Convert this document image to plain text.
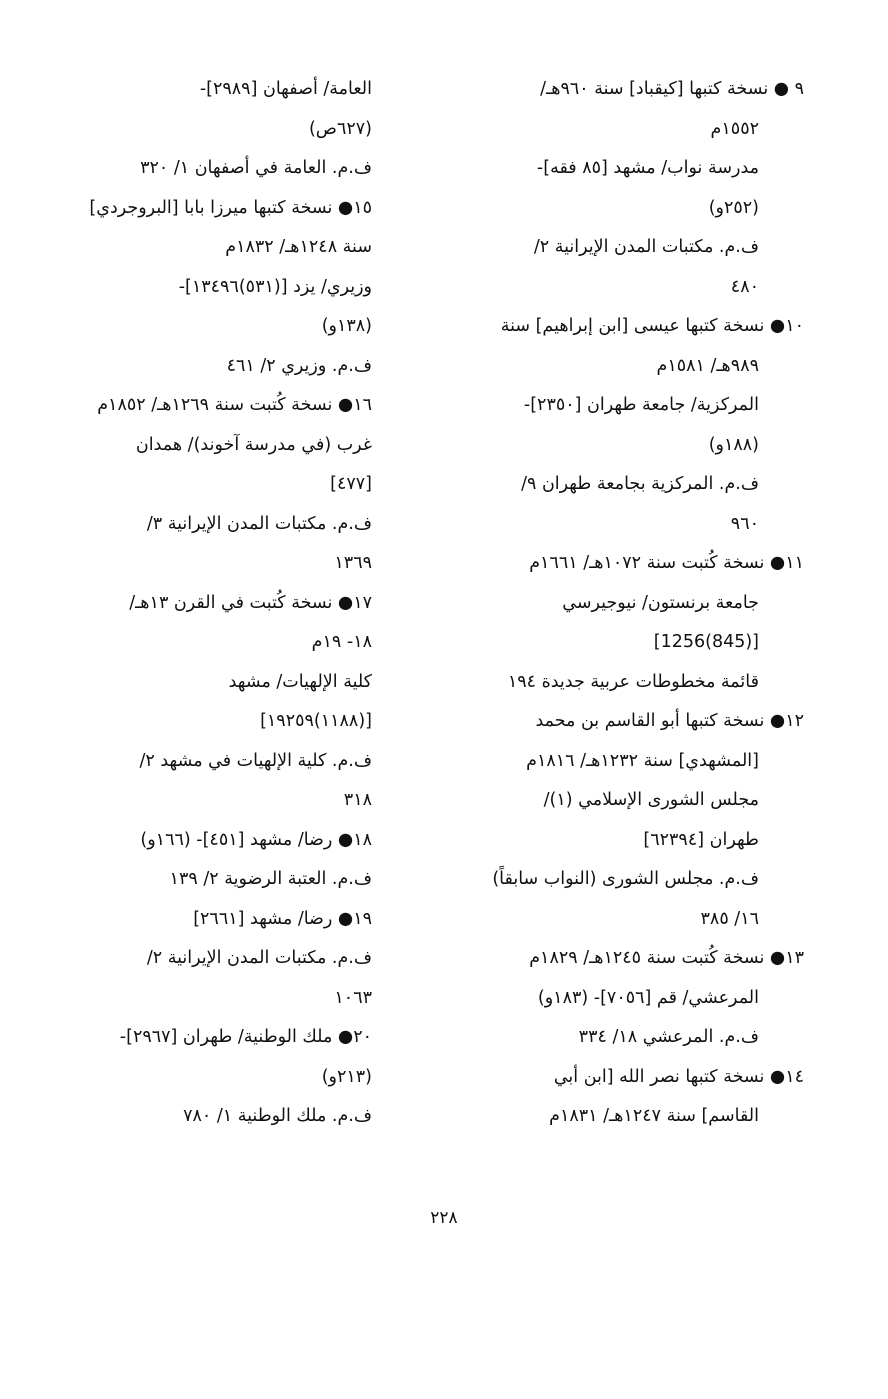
٩ ● نسخة كتبها [كيقباد] سنة ٩٦٠هـ/
١٥٥٢م
مدرسة نواب/ مشهد [٨٥ فقه]-
(٢٥٢و)
ف.م. مكتبات المدن الإيرانية ٢/
٤٨٠
١٠● نسخة كتبها عيسى [ابن إبراهيم] سنة
٩٨٩هـ/ ١٥٨١م
المركزية/ جامعة طهران [٢٣٥٠]-
(١٨٨و)
ف.م. المركزية بجامعة طهران ٩/
٩٦٠
١١● نسخة كُتبت سنة ١٠٧٢هـ/ ١٦٦١م
جامعة برنستون/ نيوجيرسي
[(845)1256]
قائمة مخطوطات عربية جديدة ١٩٤
١٢● نسخة كتبها أبو القاسم بن محمد
[المشهدي] سنة ١٢٣٢هـ/ ١٨١٦م
مجلس الشورى الإسلامي (١)/
طهران [٦٢٣٩٤]
ف.م. مجلس الشورى (النواب سابقاً)
١٦/ ٣٨٥
١٣● نسخة كُتبت سنة ١٢٤٥هـ/ ١٨٢٩م
المرعشي/ قم [٧٠٥٦]- (١٨٣و)
ف.م. المرعشي ١٨/ ٣٣٤
١٤● نسخة كتبها نصر الله [ابن أبي
القاسم] سنة ١٢٤٧هـ/ ١٨٣١م
العامة/ أصفهان [٢٩٨٩]-
(٦٢٧ص)
ف.م. العامة في أصفهان ١/ ٣٢٠
١٥● نسخة كتبها ميرزا بابا [البروجردي]
سنة ١٢٤٨هـ/ ١٨٣٢م
وزيري/ يزد [(٥٣١)١٣٤٩٦]-
(١٣٨و)
ف.م. وزيري ٢/ ٤٦١
١٦● نسخة كُتبت سنة ١٢٦٩هـ/ ١٨٥٢م
غرب (في مدرسة آخوند)/ همدان
[٤٧٧]
ف.م. مكتبات المدن الإيرانية ٣/
١٣٦٩
١٧● نسخة كُتبت في القرن ١٣هـ/
١٨- ١٩م
كلية الإلهيات/ مشهد
[(١١٨٨)١٩٢٥٩]
ف.م. كلية الإلهيات في مشهد ٢/
٣١٨
١٨● رضا/ مشهد [٤٥١]- (١٦٦و)
ف.م. العتبة الرضوية ٢/ ١٣٩
١٩● رضا/ مشهد [٢٦٦١]
ف.م. مكتبات المدن الإيرانية ٢/
١٠٦٣
٢٠● ملك الوطنية/ طهران [٢٩٦٧]-
(٢١٣و)
ف.م. ملك الوطنية ١/ ٧٨٠
٢٢٨
